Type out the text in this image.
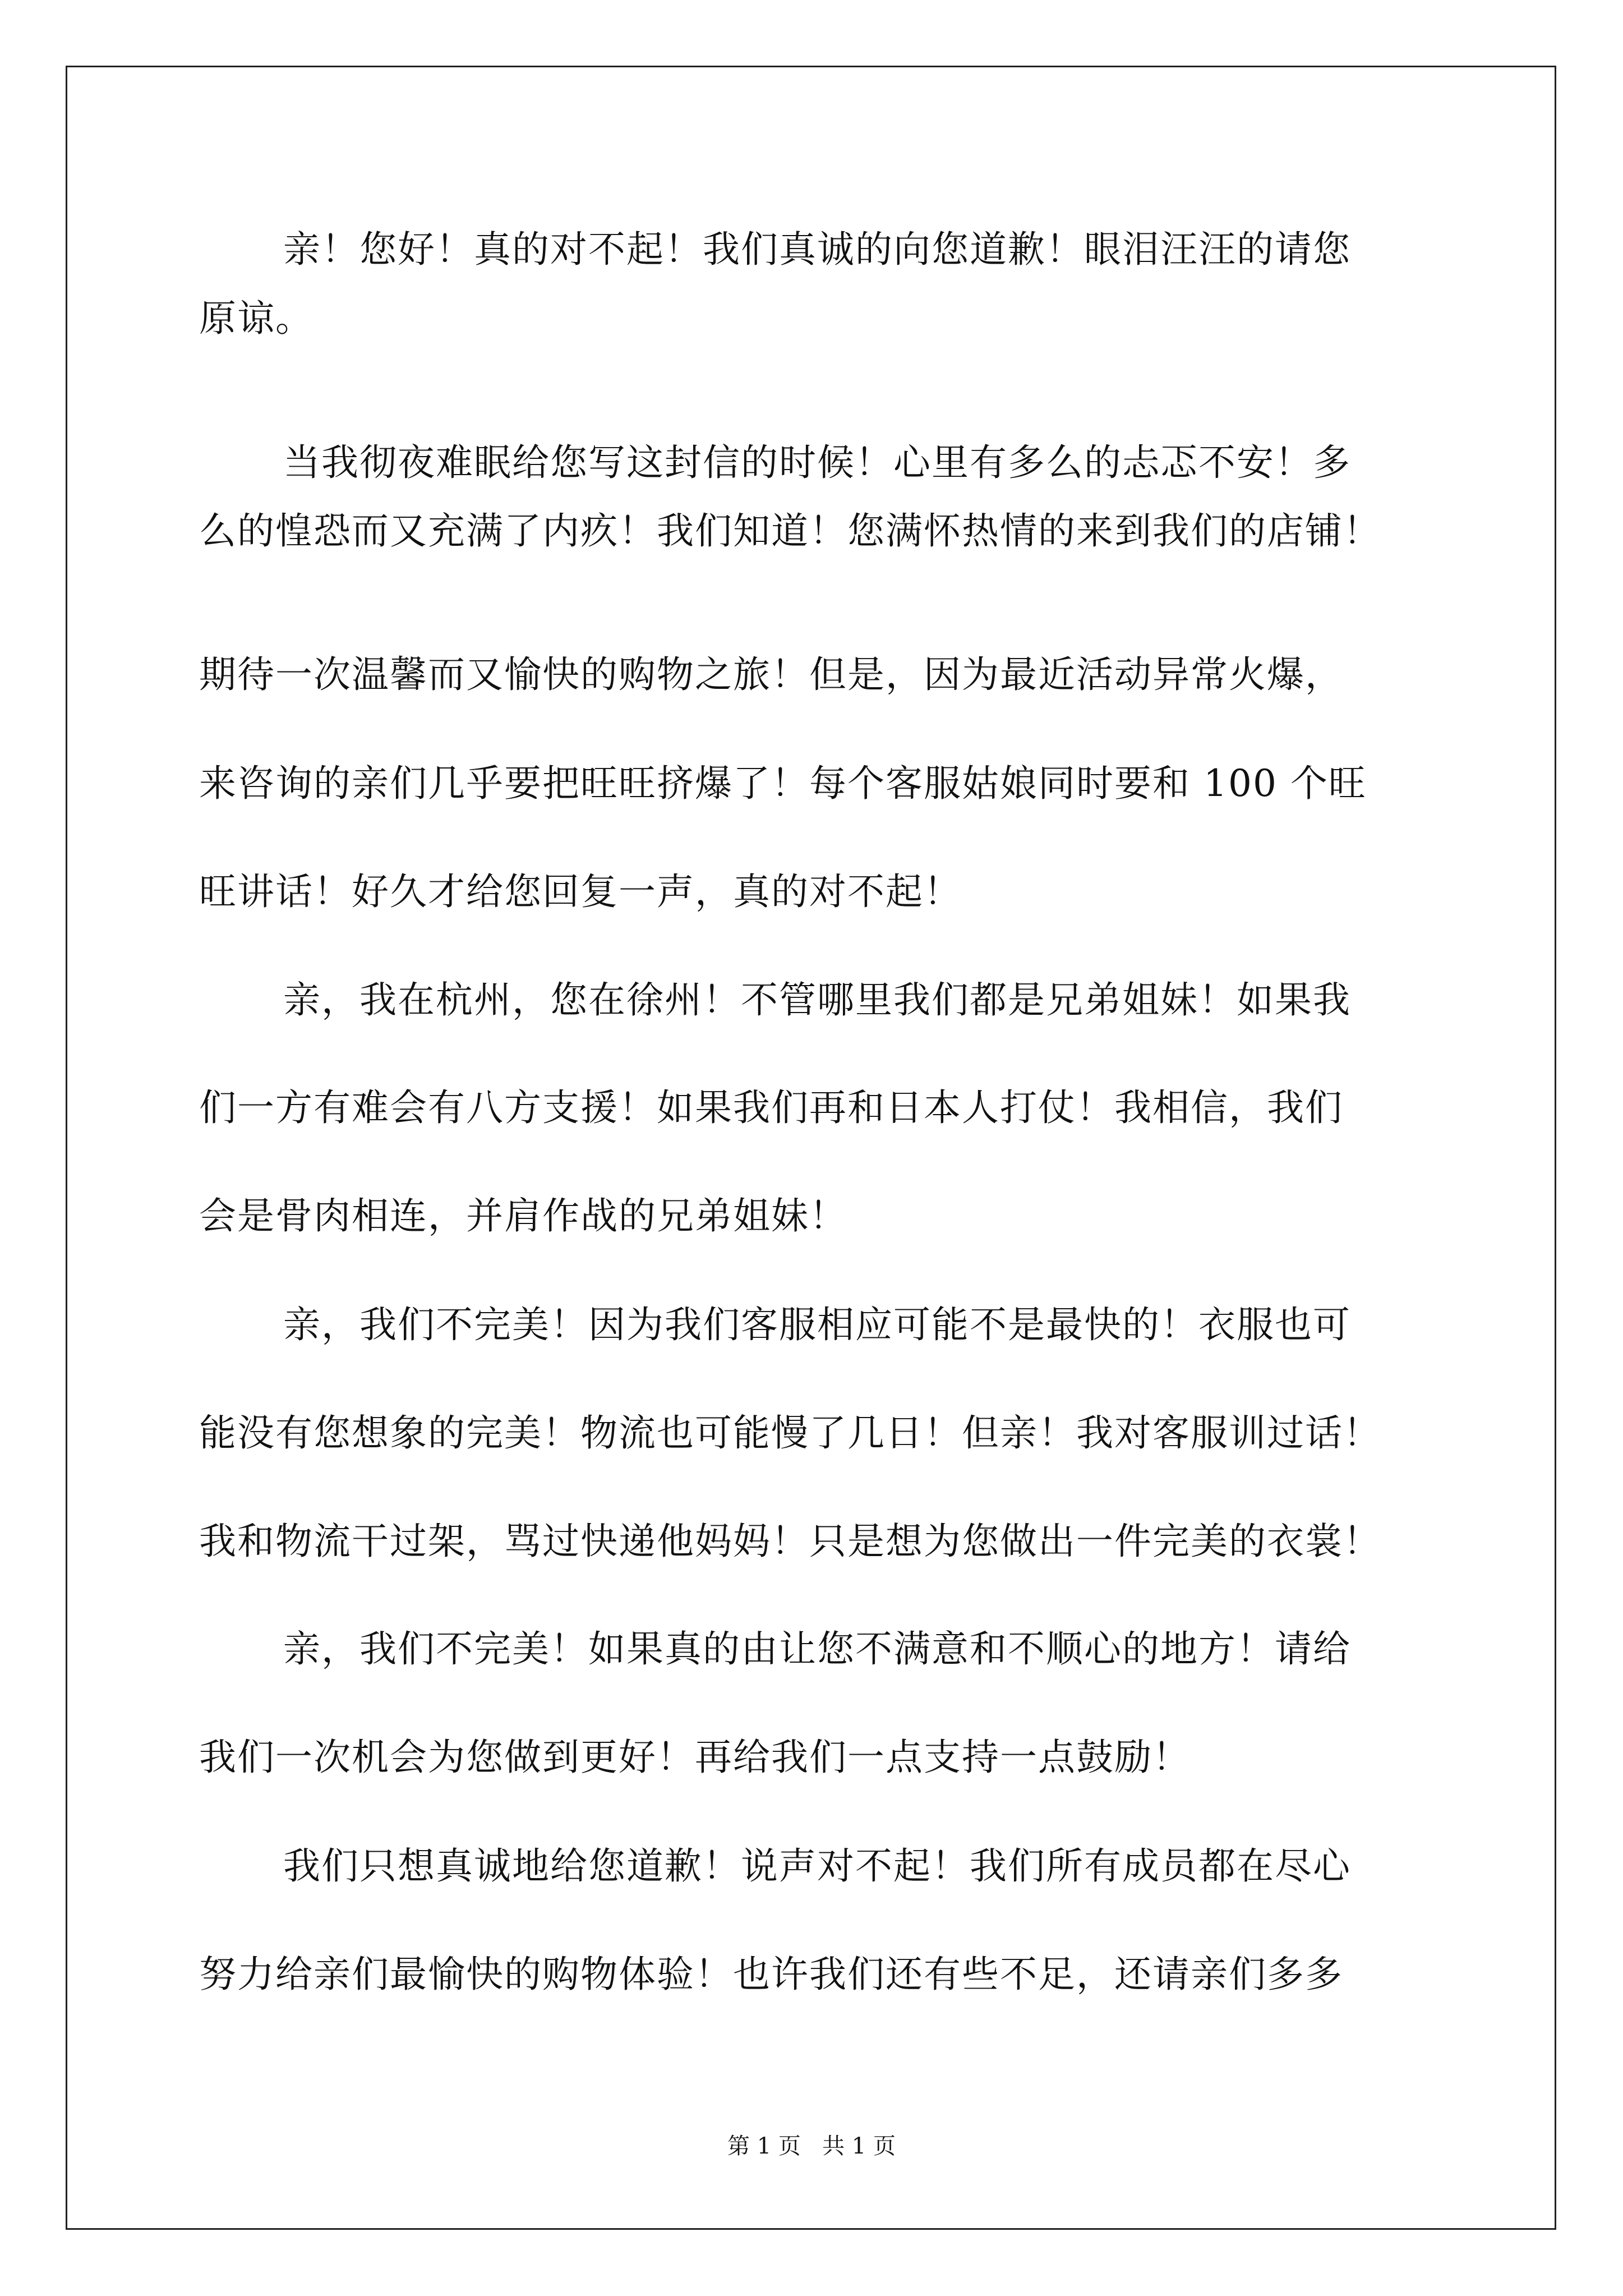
亲！您好！真的对不起！我们真诚的向您道歉！眼泪汪汪的请您
原谅。
当我彻夜难眠给您写这封信的时候！心里有多么的忐忑不安！多
么的惶恐而又充满了内疚！我们知道！您满怀热情的来到我们的店铺！
期待一次温馨而又愉快的购物之旅！但是，因为最近活动异常火爆，
来咨询的亲们几乎要把旺旺挤爆了！每个客服姑娘同时要和 100 个旺
旺讲话！好久才给您回复一声，真的对不起！
亲，我在杭州，您在徐州！不管哪里我们都是兄弟姐妹！如果我
们一方有难会有八方支援！如果我们再和日本人打仗！我相信，我们
会是骨肉相连，并肩作战的兄弟姐妹！
亲，我们不完美！因为我们客服相应可能不是最快的！衣服也可
能没有您想象的完美！物流也可能慢了几日！但亲！我对客服训过话！
我和物流干过架，骂过快递他妈妈！只是想为您做出一件完美的衣裳！
亲，我们不完美！如果真的由让您不满意和不顺心的地方！请给
我们一次机会为您做到更好！再给我们一点支持一点鼓励！
我们只想真诚地给您道歉！说声对不起！我们所有成员都在尽心
努力给亲们最愉快的购物体验！也许我们还有些不足，还请亲们多多
第 1 页   共 1 页
